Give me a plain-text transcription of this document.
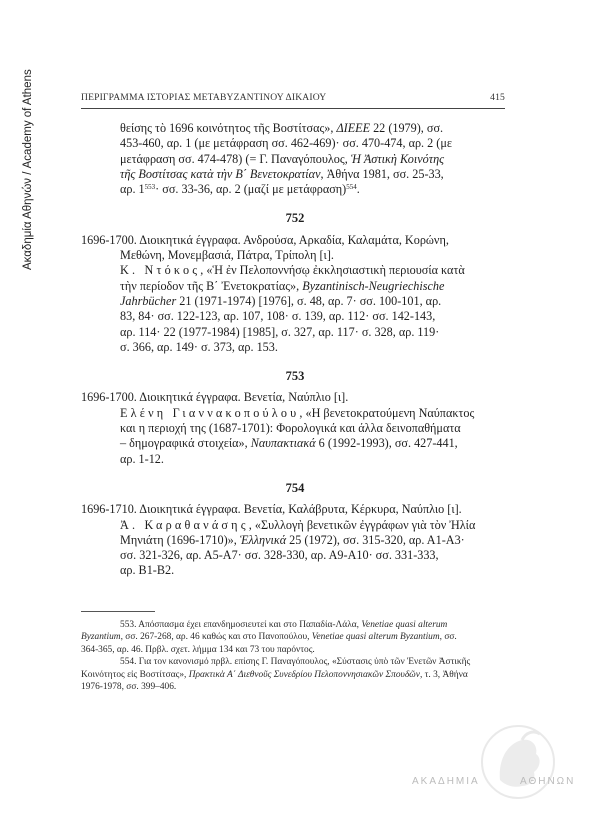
Ακαδημία Αθηνών / Academy of Athens	ΠΕΡΙΓΡΑΜΜΑ ΙΣΤΟΡΙΑΣ ΜΕΤΑΒΥΖΑΝΤΙΝΟΥ ΔΙΚΑΙΟΥ	415
θείσης τὸ 1696 κοινότητος τῆς Βοστίτσας», ΔΙΕΕΕ 22 (1979), σσ.
453-460, αρ. 1 (με μετάφραση σσ. 462-469)· σσ. 470-474, αρ. 2 (με
μετάφραση σσ. 474-478) (= Γ. Παναγόπουλος, Ἡ Ἀστικὴ Κοινότης
τῆς Βοστίτσας κατὰ τὴν Β΄ Βενετοκρατίαν, Ἀθήνα 1981, σσ. 25-33,
αρ. $1^{553}\cdot \sigma\sigma$. 33-36, αρ. 2 (μαζί με μετάφραση)$^{554}$.
752
1696-1700. Διοικητικά έγγραφα. Ανδρούσα, Αρκαδία, Καλαμάτα, Κορώνη,
Μεθώνη, Μονεμβασιά, Πάτρα, Τρίπολη [ι].
Κ. Ντόκος, «Ἡ ἐν Πελοποννήσῳ ἐκκλησιαστικὴ περιουσία κατὰ
τὴν περίοδον τῆς Β΄ Ἐνετοκρατίας», Byzantinisch-Neugriechische
Jahrbücher 21 (1971-1974) [1976], σ. 48, αρ. 7· σσ. 100-101, αρ.
83, 84· σσ. 122-123, αρ. 107, 108· σ. 139, αρ. 112· σσ. 142-143,
αρ. 114· 22 (1977-1984) [1985], σ. 327, αρ. 117· σ. 328, αρ. 119·
σ. 366, αρ. 149· σ. 373, αρ. 153.
753
1696-1700. Διοικητικά έγγραφα. Βενετία, Ναύπλιο [ι].
Ελένη Γιαννακοπούλου, «Η βενετοκρατούμενη Ναύπακτος
και η περιοχή της (1687-1701): Φορολογικά και άλλα δεινοπαθήματα
– δημογραφικά στοιχεία», Ναυπακτιακά 6 (1992-1993), σσ. 427-441,
αρ. 1-12.
754
1696-1710. Διοικητικά έγγραφα. Βενετία, Καλάβρυτα, Κέρκυρα, Ναύπλιο [ι].
Ἀ. Καραθανάσης, «Συλλογὴ βενετικῶν ἐγγράφων γιὰ τὸν Ἠλία
Μηνιάτη (1696-1710)», Ἑλληνικά 25 (1972), σσ. 315-320, αρ. Α1-Α3·
σσ. 321-326, αρ. Α5-Α7· σσ. 328-330, αρ. Α9-Α10· σσ. 331-333,
αρ. Β1-Β2.
553. Απόσπασμα έχει επανδημοσιευτεί και στο Παπαδία-Λάλα, Venetiae quasi alterum
Byzantium, σσ. 267-268, αρ. 46 καθώς και στο Πανοπούλου, Venetiae quasi alterum Byzantium, σσ.
364-365, αρ. 46. Πρβλ. σχετ. λήμμα 134 και 73 του παρόντος.
554. Για τον κανονισμό πρβλ. επίσης Γ. Παναγόπουλος, «Σύστασις ὑπὸ τῶν Ἐνετῶν Ἀστικῆς
Κοινότητος εἰς Βοστίτσας», Πρακτικὰ Α΄ Διεθνοῦς Συνεδρίου Πελοποννησιακῶν Σπουδῶν, τ. 3, Ἀθήνα
1976-1978, σσ. 399–406.
ΑΚΑΔΗΜΙΑ	ΑΘΗΝΩΝ
